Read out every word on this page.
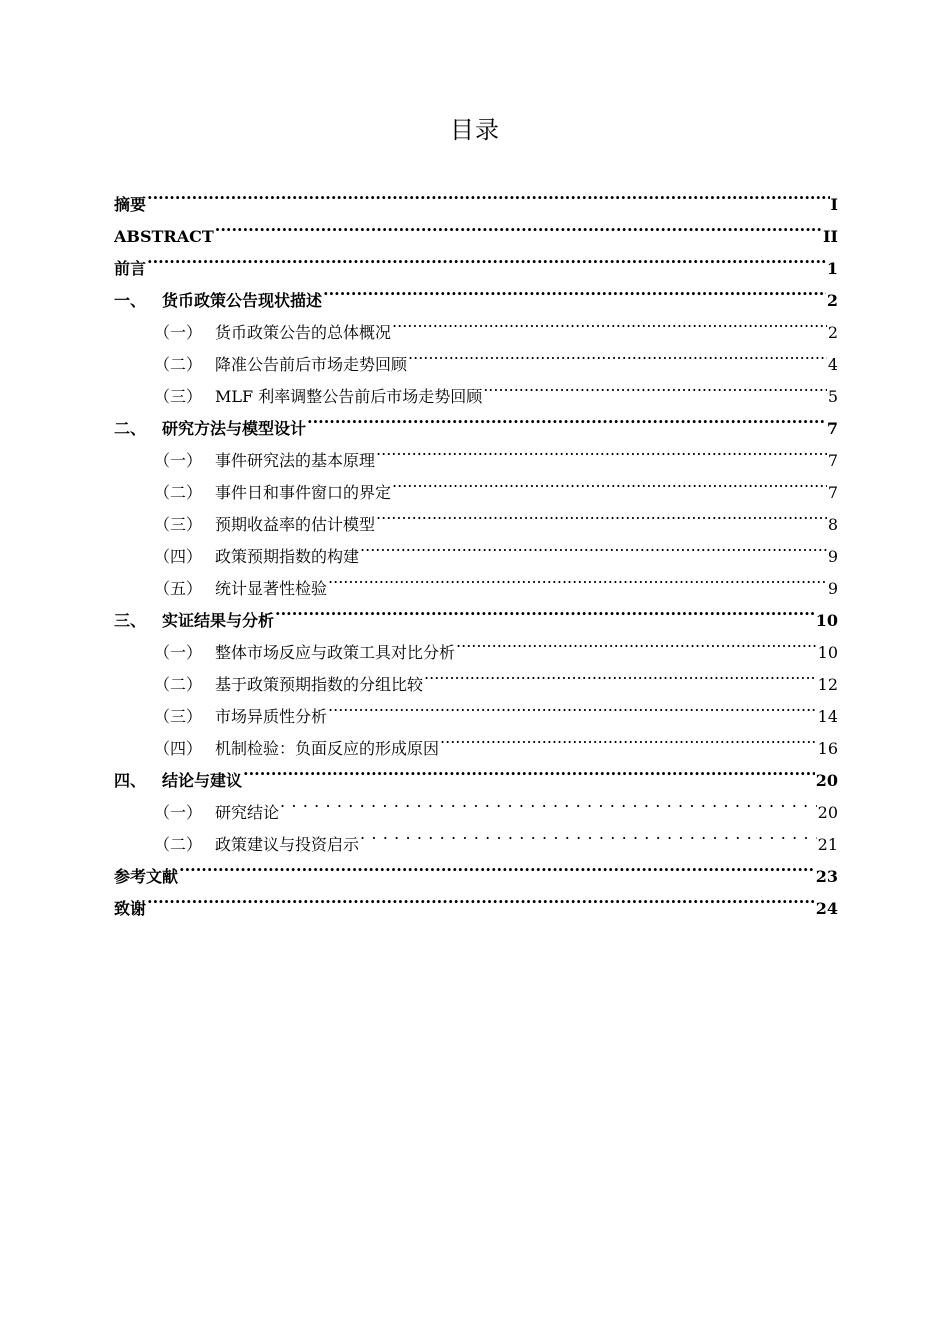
目录
摘要 .....	I
ABSTRACT .....	II
前言 .....	1
一、 货币政策公告现状描述 .....	2
（一） 货币政策公告的总体概况 .....	2
（二） 降准公告前后市场走势回顾 .....	4
（三） MLF 利率调整公告前后市场走势回顾 .....	5
二、 研究方法与模型设计 .....	7
（一） 事件研究法的基本原理 .....	7
（二） 事件日和事件窗口的界定 .....	7
（三） 预期收益率的估计模型 .....	8
（四） 政策预期指数的构建 .....	9
（五） 统计显著性检验 .....	9
三、 实证结果与分析 .....	10
（一） 整体市场反应与政策工具对比分析 .....	10
（二） 基于政策预期指数的分组比较 .....	12
（三） 市场异质性分析 .....	14
（四） 机制检验：负面反应的形成原因 .....	16
四、 结论与建议 .....	20
（一） 研究结论 . . .	20
（二） 政策建议与投资启示 . . .	21
参考文献 .....	23
致谢 .....	24
